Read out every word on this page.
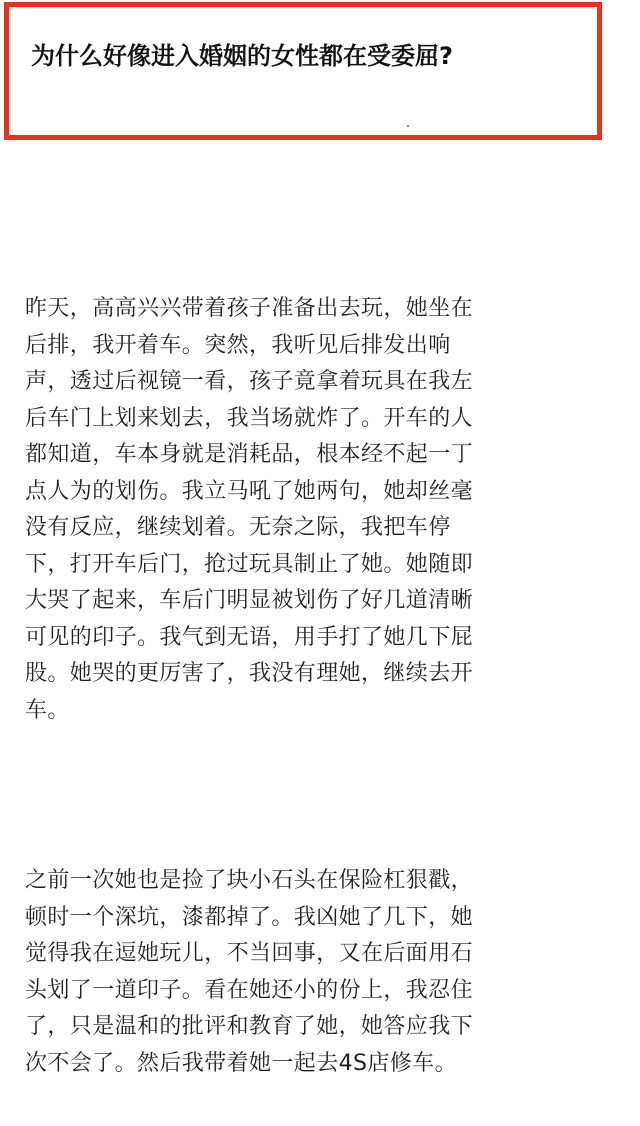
为什么好像进入婚姻的女性都在受委屈?

昨天，高高兴兴带着孩子准备出去玩，她坐在
后排，我开着车。突然，我听见后排发出响
声，透过后视镜一看，孩子竟拿着玩具在我左
后车门上划来划去，我当场就炸了。开车的人
都知道，车本身就是消耗品，根本经不起一丁
点人为的划伤。我立马吼了她两句，她却丝毫
没有反应，继续划着。无奈之际，我把车停
下，打开车后门，抢过玩具制止了她。她随即
大哭了起来，车后门明显被划伤了好几道清晰
可见的印子。我气到无语，用手打了她几下屁
股。她哭的更厉害了，我没有理她，继续去开
车。

之前一次她也是捡了块小石头在保险杠狠戳，
顿时一个深坑，漆都掉了。我凶她了几下，她
觉得我在逗她玩儿，不当回事，又在后面用石
头划了一道印子。看在她还小的份上，我忍住
了，只是温和的批评和教育了她，她答应我下
次不会了。然后我带着她一起去4S店修车。
